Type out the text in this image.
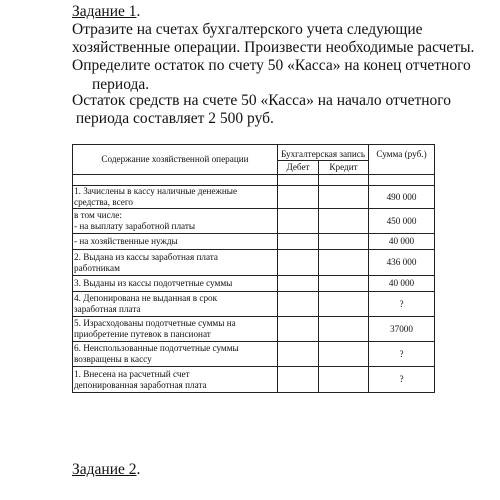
Задание 1.
Отразите на счетах бухгалтерского учета следующие
хозяйственные операции. Произвести необходимые расчеты.
Определите остаток по счету 50 «Касса» на конец отчетного
периода.
Остаток средств на счете 50 «Касса» на начало отчетного
периода составляет 2 500 руб.
Содержание хозяйственной операции	Бухгалтерская запись		Сумма (руб.)
	Дебет	Кредит	

1. Зачислены в кассу наличные денежные
средства, всего			490 000
в том числе:
- на выплату заработной платы			450 000
- на хозяйственные нужды			40 000
2. Выдана из кассы заработная плата
работникам			436 000
3. Выданы из кассы подотчетные суммы			40 000
4. Депонирована не выданная в срок
заработная плата			?
5. Израсходованы подотчетные суммы на
приобретение путевок в пансионат			37000
6. Неиспользованные подотчетные суммы
возвращены в кассу			?
1. Внесена на расчетный счет
депонированная заработная плата			?
Задание 2.
